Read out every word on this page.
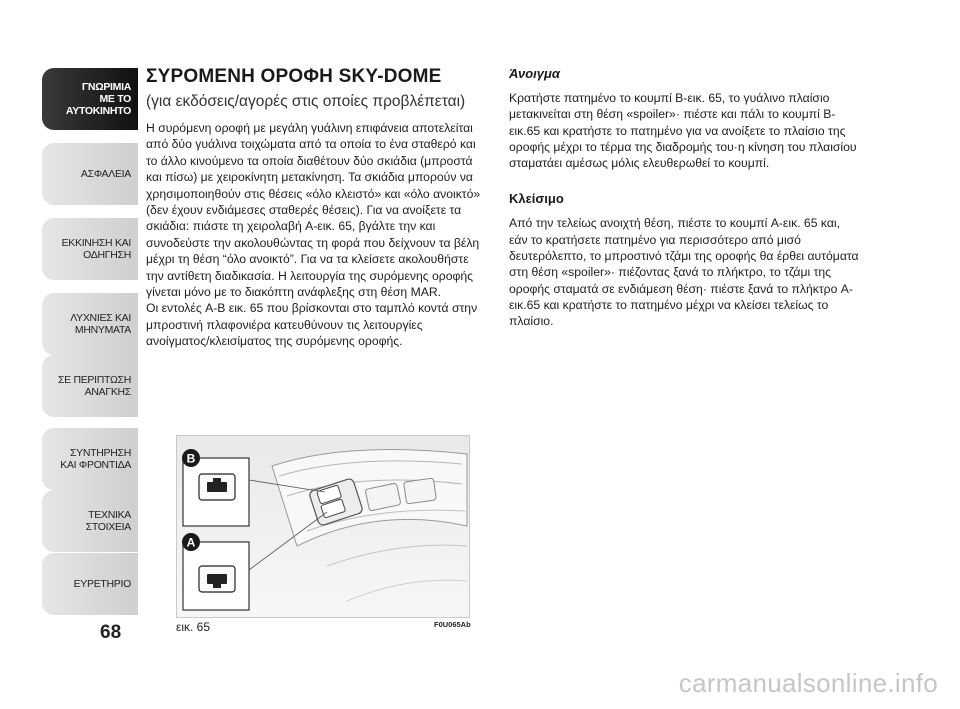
ΓΝΩΡΙΜΙΑ
ΜΕ ΤΟ
ΑΥΤΟΚΙΝΗΤΟ
ΑΣΦΑΛΕΙΑ
ΕΚΚΙΝΗΣΗ ΚΑΙ
ΟΔΗΓΗΣΗ
ΛΥΧΝΙΕΣ ΚΑΙ
ΜΗΝΥΜΑΤΑ
ΣΕ ΠΕΡΙΠΤΩΣΗ
ΑΝΑΓΚΗΣ
ΣΥΝΤΗΡΗΣΗ
ΚΑΙ ΦΡΟΝΤΙΔΑ
ΤΕΧΝΙΚΑ
ΣΤΟΙΧΕΙΑ
ΕΥΡΕΤΗΡΙΟ
68
ΣΥΡΟΜΕΝΗ ΟΡΟΦΗ SKY-DOME
(για εκδόσεις/αγορές στις οποίες προβλέπεται)

Η συρόμενη οροφή με μεγάλη γυάλινη επιφάνεια αποτελείται από δύο γυάλινα τοιχώματα από τα οποία το ένα σταθερό και το άλλο κινούμενο τα οποία διαθέτουν δύο σκιάδια (μπροστά και πίσω) με χειροκίνητη μετακίνηση. Τα σκιάδια μπορούν να χρησιμοποιηθούν στις θέσεις «όλο κλειστό» και «όλο ανοικτό» (δεν έχουν ενδιάμεσες σταθερές θέσεις). Για να ανοίξετε τα σκιάδια: πιάστε τη χειρολαβή A-εικ. 65, βγάλτε την και συνοδεύστε την ακολουθώντας τη φορά που δείχνουν τα βέλη μέχρι τη θέση “όλο ανοικτό”. Για να τα κλείσετε ακολουθήστε την αντίθετη διαδικασία. Η λειτουργία της συρόμενης οροφής γίνεται μόνο με το διακόπτη ανάφλεξης στη θέση MAR.

Οι εντολές A-B εικ. 65 που βρίσκονται στο ταμπλό κοντά στην μπροστινή πλαφονιέρα κατευθύνουν τις λειτουργίες ανοίγματος/κλεισίματος της συρόμενης οροφής.

B
A
εικ. 65	F0U065Ab
Άνοιγμα
Κρατήστε πατημένο το κουμπί B-εικ. 65, το γυάλινο πλαίσιο μετακινείται στη θέση «spoiler»· πιέστε και πάλι το κουμπί B-εικ.65 και κρατήστε το πατημένο για να ανοίξετε το πλαίσιο της οροφής μέχρι το τέρμα της διαδρομής του·η κίνηση του πλαισίου σταματάει αμέσως μόλις ελευθερωθεί το κουμπί.
Κλείσιμο
Από την τελείως ανοιχτή θέση, πιέστε το κουμπί A-εικ. 65 και, εάν το κρατήσετε πατημένο για περισσότερο από μισό δευτερόλεπτο, το μπροστινό τζάμι της οροφής θα έρθει αυτόματα στη θέση «spoiler»· πιέζοντας ξανά το πλήκτρο, το τζάμι της οροφής σταματά σε ενδιάμεση θέση· πιέστε ξανά το πλήκτρο A-εικ.65 και κρατήστε το πατημένο μέχρι να κλείσει τελείως το πλαίσιο.
carmanualsonline.info
